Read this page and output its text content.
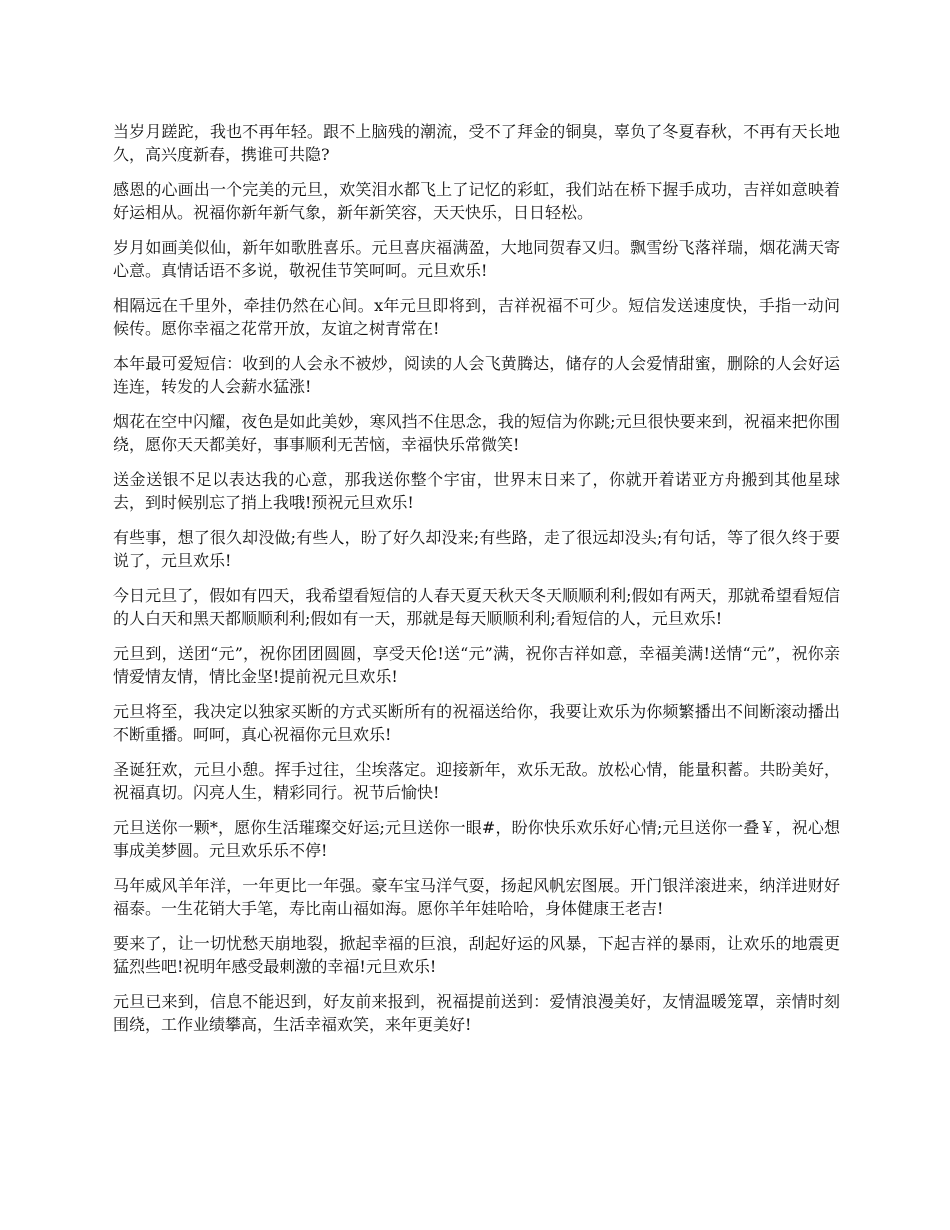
当岁月蹉跎，我也不再年轻。跟不上脑残的潮流，受不了拜金的铜臭，辜负了冬夏春秋，不再有天长地久，高兴度新春，携谁可共隐?

感恩的心画出一个完美的元旦，欢笑泪水都飞上了记忆的彩虹，我们站在桥下握手成功，吉祥如意映着好运相从。祝福你新年新气象，新年新笑容，天天快乐，日日轻松。

岁月如画美似仙，新年如歌胜喜乐。元旦喜庆福满盈，大地同贺春又归。飘雪纷飞落祥瑞，烟花满天寄心意。真情话语不多说，敬祝佳节笑呵呵。元旦欢乐!

相隔远在千里外，牵挂仍然在心间。x年元旦即将到，吉祥祝福不可少。短信发送速度快，手指一动问候传。愿你幸福之花常开放，友谊之树青常在!

本年最可爱短信：收到的人会永不被炒，阅读的人会飞黄腾达，储存的人会爱情甜蜜，删除的人会好运连连，转发的人会薪水猛涨!

烟花在空中闪耀，夜色是如此美妙，寒风挡不住思念，我的短信为你跳;元旦很快要来到，祝福来把你围绕，愿你天天都美好，事事顺利无苦恼，幸福快乐常微笑!

送金送银不足以表达我的心意，那我送你整个宇宙，世界末日来了，你就开着诺亚方舟搬到其他星球去，到时候别忘了捎上我哦!预祝元旦欢乐!

有些事，想了很久却没做;有些人，盼了好久却没来;有些路，走了很远却没头;有句话，等了很久终于要说了，元旦欢乐!

今日元旦了，假如有四天，我希望看短信的人春天夏天秋天冬天顺顺利利;假如有两天，那就希望看短信的人白天和黑天都顺顺利利;假如有一天，那就是每天顺顺利利;看短信的人，元旦欢乐!

元旦到，送团“元”，祝你团团圆圆，享受天伦!送“元”满，祝你吉祥如意，幸福美满!送情“元”，祝你亲情爱情友情，情比金坚!提前祝元旦欢乐!

元旦将至，我决定以独家买断的方式买断所有的祝福送给你，我要让欢乐为你频繁播出不间断滚动播出不断重播。呵呵，真心祝福你元旦欢乐!

圣诞狂欢，元旦小憩。挥手过往，尘埃落定。迎接新年，欢乐无敌。放松心情，能量积蓄。共盼美好，祝福真切。闪亮人生，精彩同行。祝节后愉快!

元旦送你一颗*，愿你生活璀璨交好运;元旦送你一眼#，盼你快乐欢乐好心情;元旦送你一叠￥，祝心想事成美梦圆。元旦欢乐乐不停!

马年威风羊年洋，一年更比一年强。豪车宝马洋气耍，扬起风帆宏图展。开门银洋滚进来，纳洋进财好福泰。一生花销大手笔，寿比南山福如海。愿你羊年娃哈哈，身体健康王老吉!

要来了，让一切忧愁天崩地裂，掀起幸福的巨浪，刮起好运的风暴，下起吉祥的暴雨，让欢乐的地震更猛烈些吧!祝明年感受最刺激的幸福!元旦欢乐!

元旦已来到，信息不能迟到，好友前来报到，祝福提前送到：爱情浪漫美好，友情温暖笼罩，亲情时刻围绕，工作业绩攀高，生活幸福欢笑，来年更美好!
